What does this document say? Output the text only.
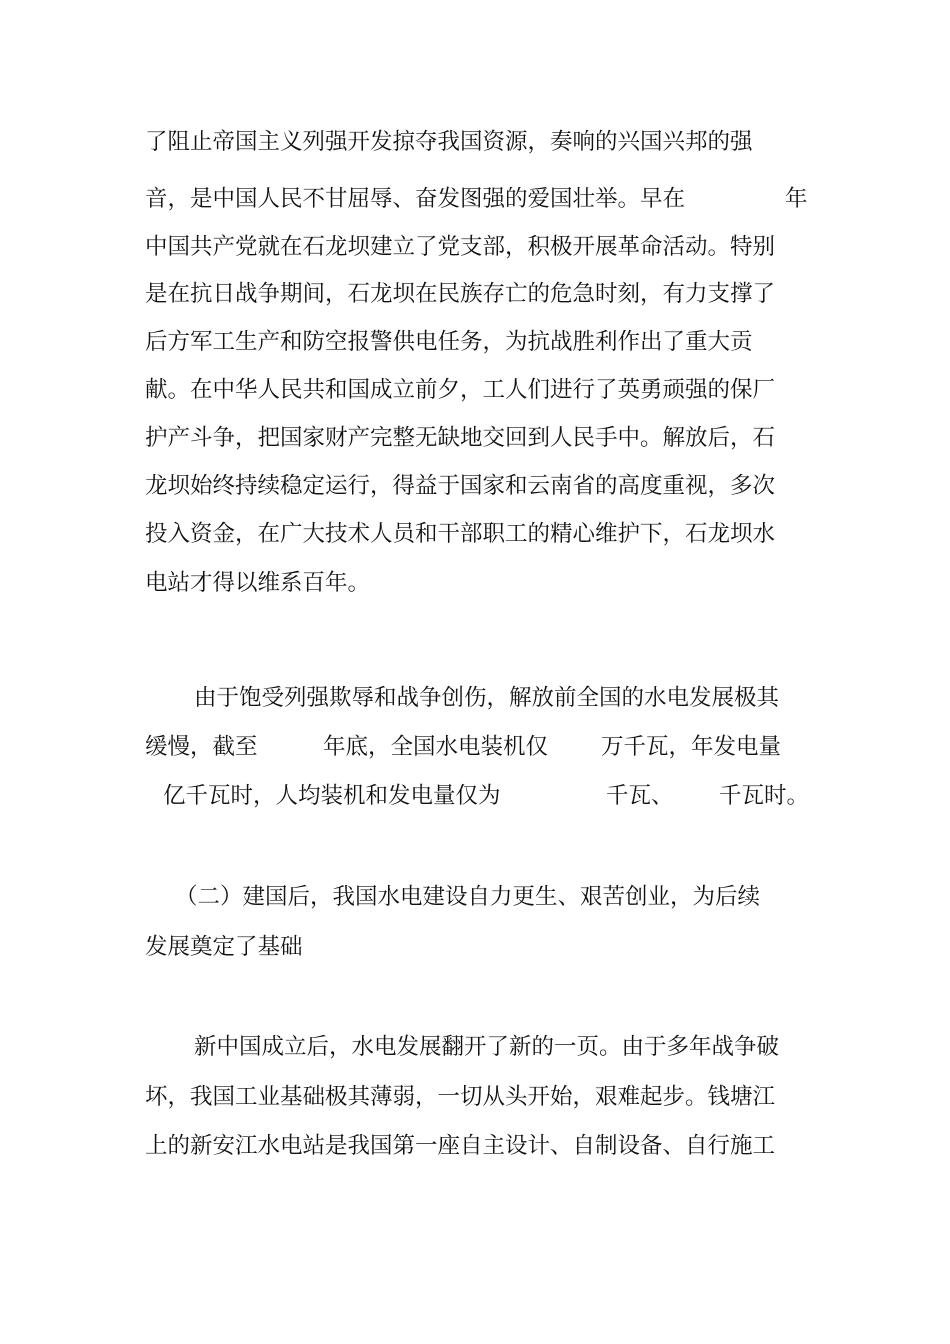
了阻止帝国主义列强开发掠夺我国资源，奏响的兴国兴邦的强
音，是中国人民不甘屈辱、奋发图强的爱国壮举。早在	年
中国共产党就在石龙坝建立了党支部，积极开展革命活动。特别
是在抗日战争期间，石龙坝在民族存亡的危急时刻，有力支撑了
后方军工生产和防空报警供电任务，为抗战胜利作出了重大贡
献。在中华人民共和国成立前夕，工人们进行了英勇顽强的保厂
护产斗争，把国家财产完整无缺地交回到人民手中。解放后，石
龙坝始终持续稳定运行，得益于国家和云南省的高度重视，多次
投入资金，在广大技术人员和干部职工的精心维护下，石龙坝水
电站才得以维系百年。
由于饱受列强欺辱和战争创伤，解放前全国的水电发展极其
缓慢，截至	年底，全国水电装机仅 万千瓦，年发电量
亿千瓦时，人均装机和发电量仅为	千瓦、 千瓦时。
（二）建国后，我国水电建设自力更生、艰苦创业，为后续
发展奠定了基础
新中国成立后，水电发展翻开了新的一页。由于多年战争破
坏，我国工业基础极其薄弱，一切从头开始，艰难起步。钱塘江
上的新安江水电站是我国第一座自主设计、自制设备、自行施工
